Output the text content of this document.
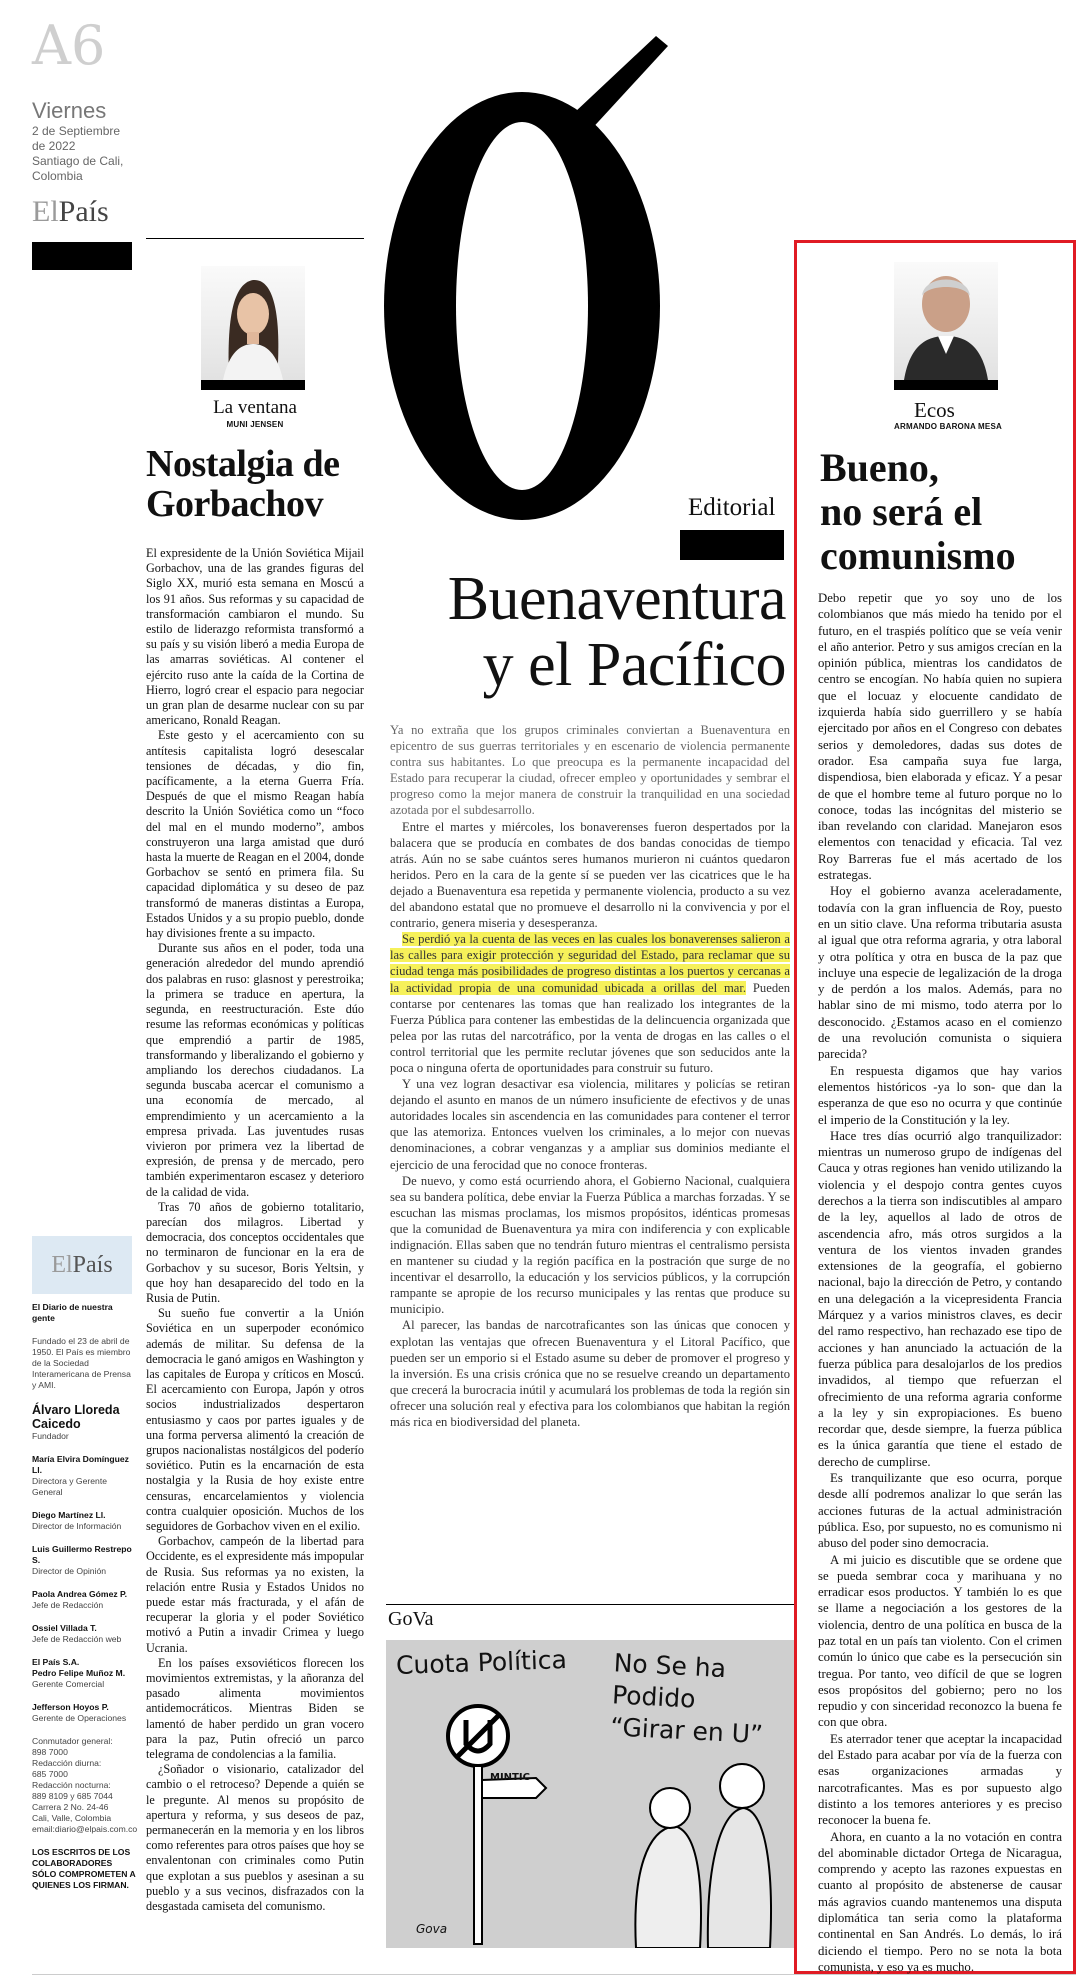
A6
Viernes
2 de Septiembre
de 2022
Santiago de Cali,
Colombia
ElPaís
La ventana
MUNI JENSEN
Nostalgia de
Gorbachov

El expresidente de la Unión Soviética Mijail Gorbachov, una de las grandes figuras del Siglo XX, murió esta semana en Moscú a los 91 años. Sus reformas y su capacidad de transformación cambiaron el mundo. Su estilo de liderazgo reformista transformó a su país y su visión liberó a media Europa de las amarras soviéticas. Al contener el ejército ruso ante la caída de la Cortina de Hierro, logró crear el espacio para negociar un gran plan de desarme nuclear con su par americano, Ronald Reagan.

Este gesto y el acercamiento con su antítesis capitalista logró desescalar tensiones de décadas, y dio fin, pacíficamente, a la eterna Guerra Fría. Después de que el mismo Reagan había descrito la Unión Soviética como un “foco del mal en el mundo moderno”, ambos construyeron una larga amistad que duró hasta la muerte de Reagan en el 2004, donde Gorbachov se sentó en primera fila. Su capacidad diplomática y su deseo de paz transformó de maneras distintas a Europa, Estados Unidos y a su propio pueblo, donde hay divisiones frente a su impacto.

Durante sus años en el poder, toda una generación alrededor del mundo aprendió dos palabras en ruso: glasnost y perestroika; la primera se traduce en apertura, la segunda, en reestructuración. Este dúo resume las reformas económicas y políticas que emprendió a partir de 1985, transformando y liberalizando el gobierno y ampliando los derechos ciudadanos. La segunda buscaba acercar el comunismo a una economía de mercado, al emprendimiento y un acercamiento a la empresa privada. Las juventudes rusas vivieron por primera vez la libertad de expresión, de prensa y de mercado, pero también experimentaron escasez y deterioro de la calidad de vida.

Tras 70 años de gobierno totalitario, parecían dos milagros. Libertad y democracia, dos conceptos occidentales que no terminaron de funcionar en la era de Gorbachov y su sucesor, Boris Yeltsin, y que hoy han desaparecido del todo en la Rusia de Putin.

Su sueño fue convertir a la Unión Soviética en un superpoder económico además de militar. Su defensa de la democracia le ganó amigos en Washington y las capitales de Europa y críticos en Moscú. El acercamiento con Europa, Japón y otros socios industrializados despertaron entusiasmo y caos por partes iguales y de una forma perversa alimentó la creación de grupos nacionalistas nostálgicos del poderío soviético. Putin es la encarnación de esta nostalgia y la Rusia de hoy existe entre censuras, encarcelamientos y violencia contra cualquier oposición. Muchos de los seguidores de Gorbachov viven en el exilio.

Gorbachov, campeón de la libertad para Occidente, es el expresidente más impopular de Rusia. Sus reformas ya no existen, la relación entre Rusia y Estados Unidos no puede estar más fracturada, y el afán de recuperar la gloria y el poder Soviético motivó a Putin a invadir Crimea y luego Ucrania.

En los países exsoviéticos florecen los movimientos extremistas, y la añoranza del pasado alimenta movimientos antidemocráticos. Mientras Biden se lamentó de haber perdido un gran vocero para la paz, Putin ofreció un parco telegrama de condolencias a la familia.

¿Soñador o visionario, catalizador del cambio o el retroceso? Depende a quién se le pregunte. Al menos su propósito de apertura y reforma, y sus deseos de paz, permanecerán en la memoria y en los libros como referentes para otros países que hoy se envalentonan con criminales como Putin que explotan a sus pueblos y asesinan a su pueblo y a sus vecinos, disfrazados con la desgastada camiseta del comunismo.

El País
El Diario de nuestra gente
Fundado el 23 de abril de 1950. El País es miembro de la Sociedad Interamericana de Prensa y AMI.
Álvaro Lloreda Caicedo
Fundador
María Elvira Domínguez Ll.
Directora y Gerente General
Diego Martínez Ll.
Director de Información
Luis Guillermo Restrepo S.
Director de Opinión
Paola Andrea Gómez P.
Jefe de Redacción
Ossiel Villada T.
Jefe de Redacción web
El País S.A.
Pedro Felipe Muñoz M.
Gerente Comercial
Jefferson Hoyos P.
Gerente de Operaciones
Conmutador general:
898 7000
Redacción diurna:
685 7000
Redacción nocturna:
889 8109 y 685 7044
Carrera 2 No. 24-46
Cali, Valle, Colombia
email:diario@elpais.com.co
LOS ESCRITOS DE LOS COLABORADORES SÓLO COMPROMETEN A QUIENES LOS FIRMAN.
Editorial
Buenaventura
y el Pacífico

Ya no extraña que los grupos criminales conviertan a Buenaventura en epicentro de sus guerras territoriales y en escenario de violencia permanente contra sus habitantes. Lo que preocupa es la permanente incapacidad del Estado para recuperar la ciudad, ofrecer empleo y oportunidades y sembrar el progreso como la mejor manera de construir la tranquilidad en una sociedad azotada por el subdesarrollo.

Entre el martes y miércoles, los bonaverenses fueron despertados por la balacera que se producía en combates de dos bandas conocidas de tiempo atrás. Aún no se sabe cuántos seres humanos murieron ni cuántos quedaron heridos. Pero en la cara de la gente sí se pueden ver las cicatrices que le ha dejado a Buenaventura esa repetida y permanente violencia, producto a su vez del abandono estatal que no promueve el desarrollo ni la convivencia y por el contrario, genera miseria y desesperanza.

Se perdió ya la cuenta de las veces en las cuales los bonaverenses salieron a las calles para exigir protección y seguridad del Estado, para reclamar que su ciudad tenga más posibilidades de progreso distintas a los puertos y cercanas a la actividad propia de una comunidad ubicada a orillas del mar. Pueden contarse por centenares las tomas que han realizado los integrantes de la Fuerza Pública para contener las embestidas de la delincuencia organizada que pelea por las rutas del narcotráfico, por la venta de drogas en las calles o el control territorial que les permite reclutar jóvenes que son seducidos ante la poca o ninguna oferta de oportunidades para construir su futuro.

Y una vez logran desactivar esa violencia, militares y policías se retiran dejando el asunto en manos de un número insuficiente de efectivos y de unas autoridades locales sin ascendencia en las comunidades para contener el terror que las atemoriza. Entonces vuelven los criminales, a lo mejor con nuevas denominaciones, a cobrar venganzas y a ampliar sus dominios mediante el ejercicio de una ferocidad que no conoce fronteras.

De nuevo, y como está ocurriendo ahora, el Gobierno Nacional, cualquiera sea su bandera política, debe enviar la Fuerza Pública a marchas forzadas. Y se escuchan las mismas proclamas, los mismos propósitos, idénticas promesas que la comunidad de Buenaventura ya mira con indiferencia y con explicable indignación. Ellas saben que no tendrán futuro mientras el centralismo persista en mantener su ciudad y la región pacífica en la postración que surge de no incentivar el desarrollo, la educación y los servicios públicos, y la corrupción rampante se apropie de los recurso municipales y las rentas que produce su municipio.

Al parecer, las bandas de narcotraficantes son las únicas que conocen y explotan las ventajas que ofrecen Buenaventura y el Litoral Pacífico, que pueden ser un emporio si el Estado asume su deber de promover el progreso y la inversión. Es una crisis crónica que no se resuelve creando un departamento que crecerá la burocracia inútil y acumulará los problemas de toda la región sin ofrecer una solución real y efectiva para los colombianos que habitan la región más rica en biodiversidad del planeta.

GoVa
Cuota Política No Se ha Podido
“Girar en U”
MINTIC
Gova
Ecos
ARMANDO BARONA MESA
Bueno,
no será el
comunismo

Debo repetir que yo soy uno de los colombianos que más miedo ha tenido por el futuro, en el traspiés político que se veía venir el año anterior. Petro y sus amigos crecían en la opinión pública, mientras los candidatos de centro se encogían. No había quien no supiera que el locuaz y elocuente candidato de izquierda había sido guerrillero y se había ejercitado por años en el Congreso con debates serios y demoledores, dadas sus dotes de orador. Esa campaña suya fue larga, dispendiosa, bien elaborada y eficaz. Y a pesar de que el hombre teme al futuro porque no lo conoce, todas las incógnitas del misterio se iban revelando con claridad. Manejaron esos elementos con tenacidad y eficacia. Tal vez Roy Barreras fue el más acertado de los estrategas.

Hoy el gobierno avanza aceleradamente, todavía con la gran influencia de Roy, puesto en un sitio clave. Una reforma tributaria asusta al igual que otra reforma agraria, y otra laboral y otra política y otra en busca de la paz que incluye una especie de legalización de la droga y de perdón a los malos. Además, para no hablar sino de mi mismo, todo aterra por lo desconocido. ¿Estamos acaso en el comienzo de una revolución comunista o siquiera parecida?

En respuesta digamos que hay varios elementos históricos -ya lo son- que dan la esperanza de que eso no ocurra y que continúe el imperio de la Constitución y la ley.

Hace tres días ocurrió algo tranquilizador: mientras un numeroso grupo de indígenas del Cauca y otras regiones han venido utilizando la violencia y el despojo contra gentes cuyos derechos a la tierra son indiscutibles al amparo de la ley, aquellos al lado de otros de ascendencia afro, más otros surgidos a la ventura de los vientos invaden grandes extensiones de la geografía, el gobierno nacional, bajo la dirección de Petro, y contando en una delegación a la vicepresidenta Francia Márquez y a varios ministros claves, es decir del ramo respectivo, han rechazado ese tipo de acciones y han anunciado la actuación de la fuerza pública para desalojarlos de los predios invadidos, al tiempo que refuerzan el ofrecimiento de una reforma agraria conforme a la ley y sin expropiaciones. Es bueno recordar que, desde siempre, la fuerza pública es la única garantía que tiene el estado de derecho de cumplirse.

Es tranquilizante que eso ocurra, porque desde allí podremos analizar lo que serán las acciones futuras de la actual administración pública. Eso, por supuesto, no es comunismo ni abuso del poder sino democracia.

A mi juicio es discutible que se ordene que se pueda sembrar coca y marihuana y no erradicar esos productos. Y también lo es que se llame a negociación a los gestores de la violencia, dentro de una política en busca de la paz total en un país tan violento. Con el crimen común lo único que cabe es la persecución sin tregua. Por tanto, veo difícil de que se logren esos propósitos del gobierno; pero no los repudio y con sinceridad reconozco la buena fe con que obra.

Es aterrador tener que aceptar la incapacidad del Estado para acabar por vía de la fuerza con esas organizaciones armadas y narcotraficantes. Mas es por supuesto algo distinto a los temores anteriores y es preciso reconocer la buena fe.

Ahora, en cuanto a la no votación en contra del abominable dictador Ortega de Nicaragua, comprendo y acepto las razones expuestas en cuanto al propósito de abstenerse de causar más agravios cuando mantenemos una disputa diplomática tan seria como la plataforma continental en San Andrés. Lo demás, lo irá diciendo el tiempo. Pero no se nota la bota comunista, y eso ya es mucho.
